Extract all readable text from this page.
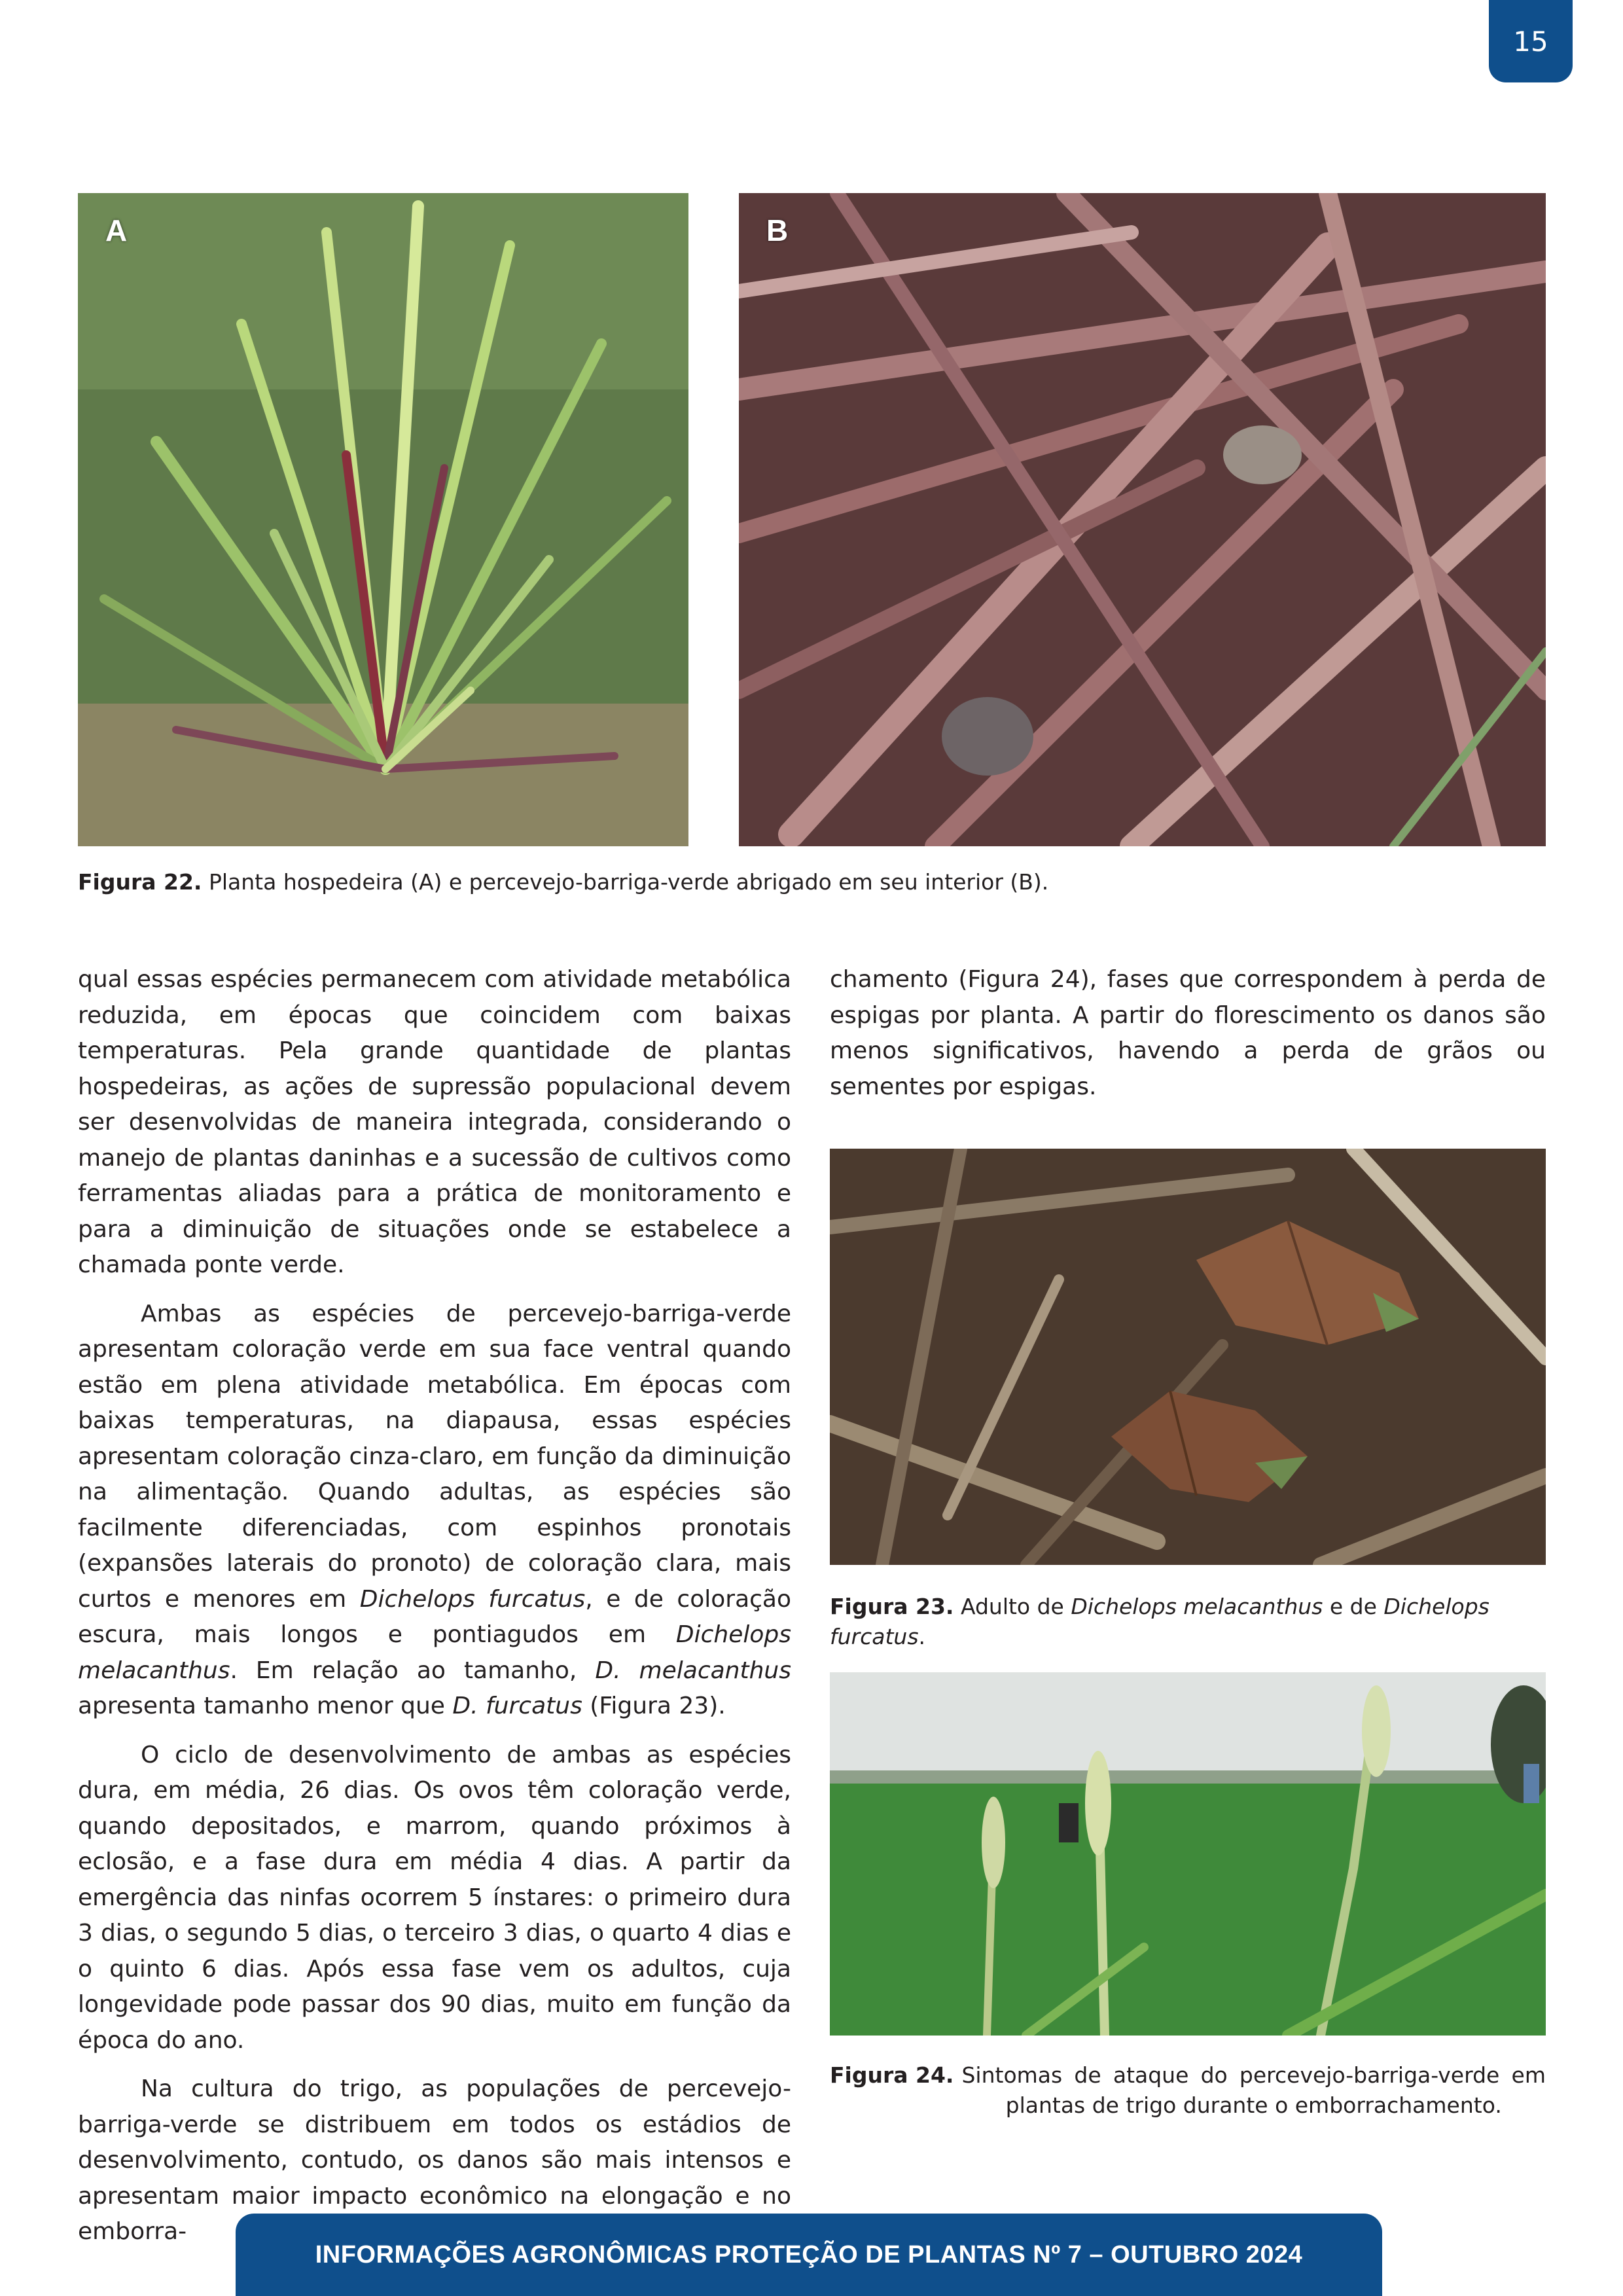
15
A	B
Figura 22. Planta hospedeira (A) e percevejo-barriga-verde abrigado em seu interior (B).

qual essas espécies permanecem com atividade metabólica reduzida, em épocas que coincidem com baixas temperaturas. Pela grande quantidade de plantas hospedeiras, as ações de supressão populacional devem ser desenvolvidas de maneira integrada, considerando o manejo de plantas daninhas e a sucessão de cultivos como ferramentas aliadas para a prática de monitoramento e para a diminuição de situações onde se estabelece a chamada ponte verde.

Ambas as espécies de percevejo-barriga-verde apresentam coloração verde em sua face ventral quando estão em plena atividade metabólica. Em épocas com baixas temperaturas, na diapausa, essas espécies apresentam coloração cinza-claro, em função da diminuição na alimentação. Quando adultas, as espécies são facilmente diferenciadas, com espinhos pronotais (expansões laterais do pronoto) de coloração clara, mais curtos e menores em Dichelops furcatus, e de coloração escura, mais longos e pontiagudos em Dichelops melacanthus. Em relação ao tamanho, D. melacanthus apresenta tamanho menor que D. furcatus (Figura 23).

O ciclo de desenvolvimento de ambas as espécies dura, em média, 26 dias. Os ovos têm coloração verde, quando depositados, e marrom, quando próximos à eclosão, e a fase dura em média 4 dias. A partir da emergência das ninfas ocorrem 5 ínstares: o primeiro dura 3 dias, o segundo 5 dias, o terceiro 3 dias, o quarto 4 dias e o quinto 6 dias. Após essa fase vem os adultos, cuja longevidade pode passar dos 90 dias, muito em função da época do ano.

Na cultura do trigo, as populações de percevejo-barriga-verde se distribuem em todos os estádios de desenvolvimento, contudo, os danos são mais intensos e apresentam maior impacto econômico na elongação e no emborra-

chamento (Figura 24), fases que correspondem à perda de espigas por planta. A partir do florescimento os danos são menos significativos, havendo a perda de grãos ou sementes por espigas.

Figura 23. Adulto de Dichelops melacanthus e de Dichelops furcatus.
Figura 24. Sintomas de ataque do percevejo-barriga-verde em plantas de trigo durante o emborrachamento.
INFORMAÇÕES AGRONÔMICAS PROTEÇÃO DE PLANTAS Nº 7 – OUTUBRO 2024
